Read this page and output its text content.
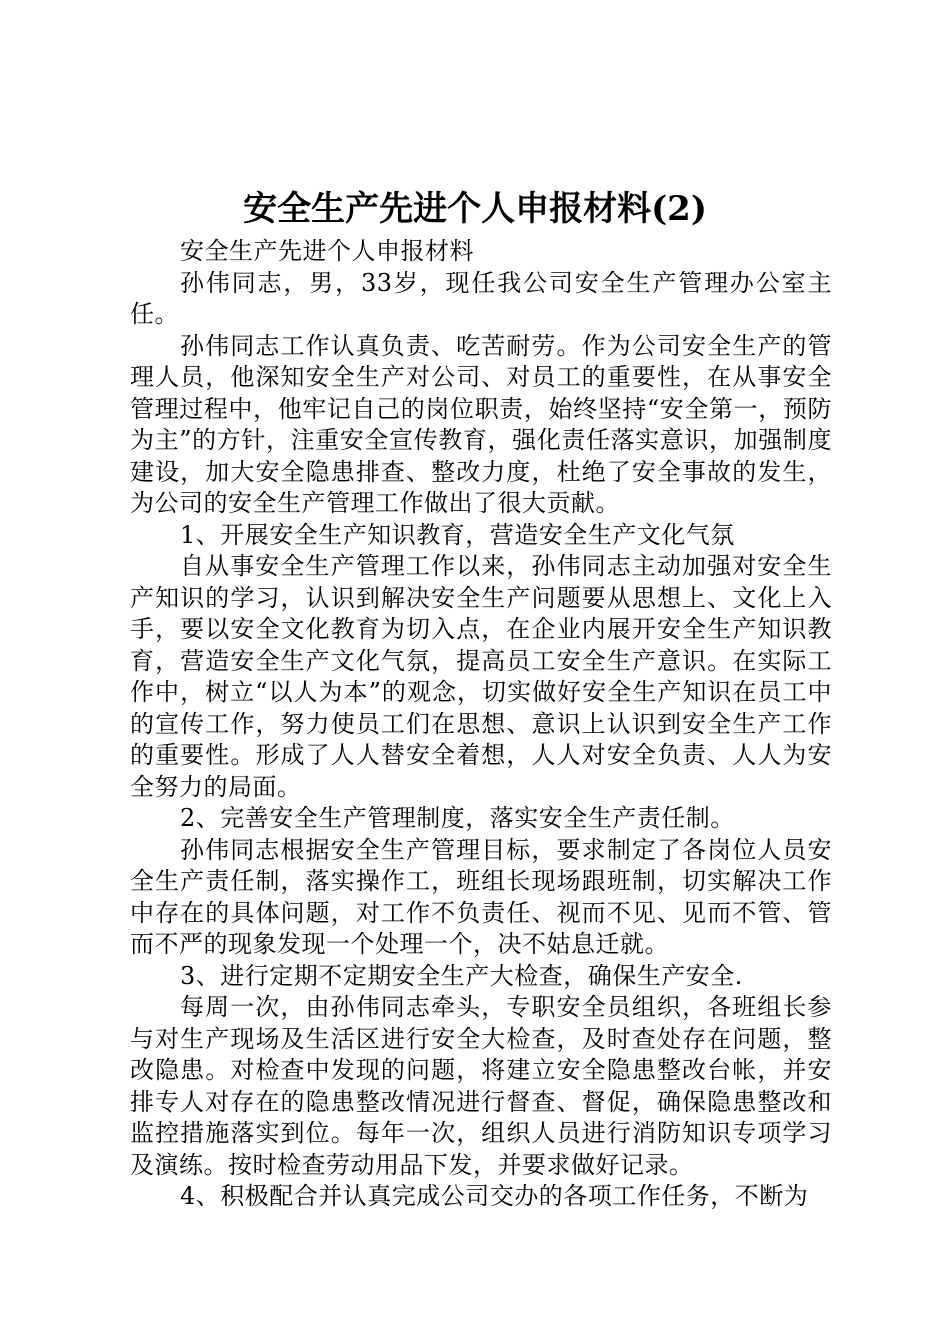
安全生产先进个人申报材料(2)

安全生产先进个人申报材料

孙伟同志，男，33岁，现任我公司安全生产管理办公室主任。

孙伟同志工作认真负责、吃苦耐劳。作为公司安全生产的管理人员，他深知安全生产对公司、对员工的重要性，在从事安全管理过程中，他牢记自己的岗位职责，始终坚持“安全第一，预防为主”的方针，注重安全宣传教育，强化责任落实意识，加强制度建设，加大安全隐患排查、整改力度，杜绝了安全事故的发生，为公司的安全生产管理工作做出了很大贡献。

1、开展安全生产知识教育，营造安全生产文化气氛

自从事安全生产管理工作以来，孙伟同志主动加强对安全生产知识的学习，认识到解决安全生产问题要从思想上、文化上入手，要以安全文化教育为切入点，在企业内展开安全生产知识教育，营造安全生产文化气氛，提高员工安全生产意识。在实际工作中，树立“以人为本”的观念，切实做好安全生产知识在员工中的宣传工作，努力使员工们在思想、意识上认识到安全生产工作的重要性。形成了人人替安全着想，人人对安全负责、人人为安全努力的局面。

2、完善安全生产管理制度，落实安全生产责任制。

孙伟同志根据安全生产管理目标，要求制定了各岗位人员安全生产责任制，落实操作工，班组长现场跟班制，切实解决工作中存在的具体问题，对工作不负责任、视而不见、见而不管、管而不严的现象发现一个处理一个，决不姑息迁就。

3、进行定期不定期安全生产大检查，确保生产安全.

每周一次，由孙伟同志牵头，专职安全员组织，各班组长参与对生产现场及生活区进行安全大检查，及时查处存在问题，整改隐患。对检查中发现的问题，将建立安全隐患整改台帐，并安排专人对存在的隐患整改情况进行督查、督促，确保隐患整改和监控措施落实到位。每年一次，组织人员进行消防知识专项学习及演练。按时检查劳动用品下发，并要求做好记录。

4、积极配合并认真完成公司交办的各项工作任务，不断为
